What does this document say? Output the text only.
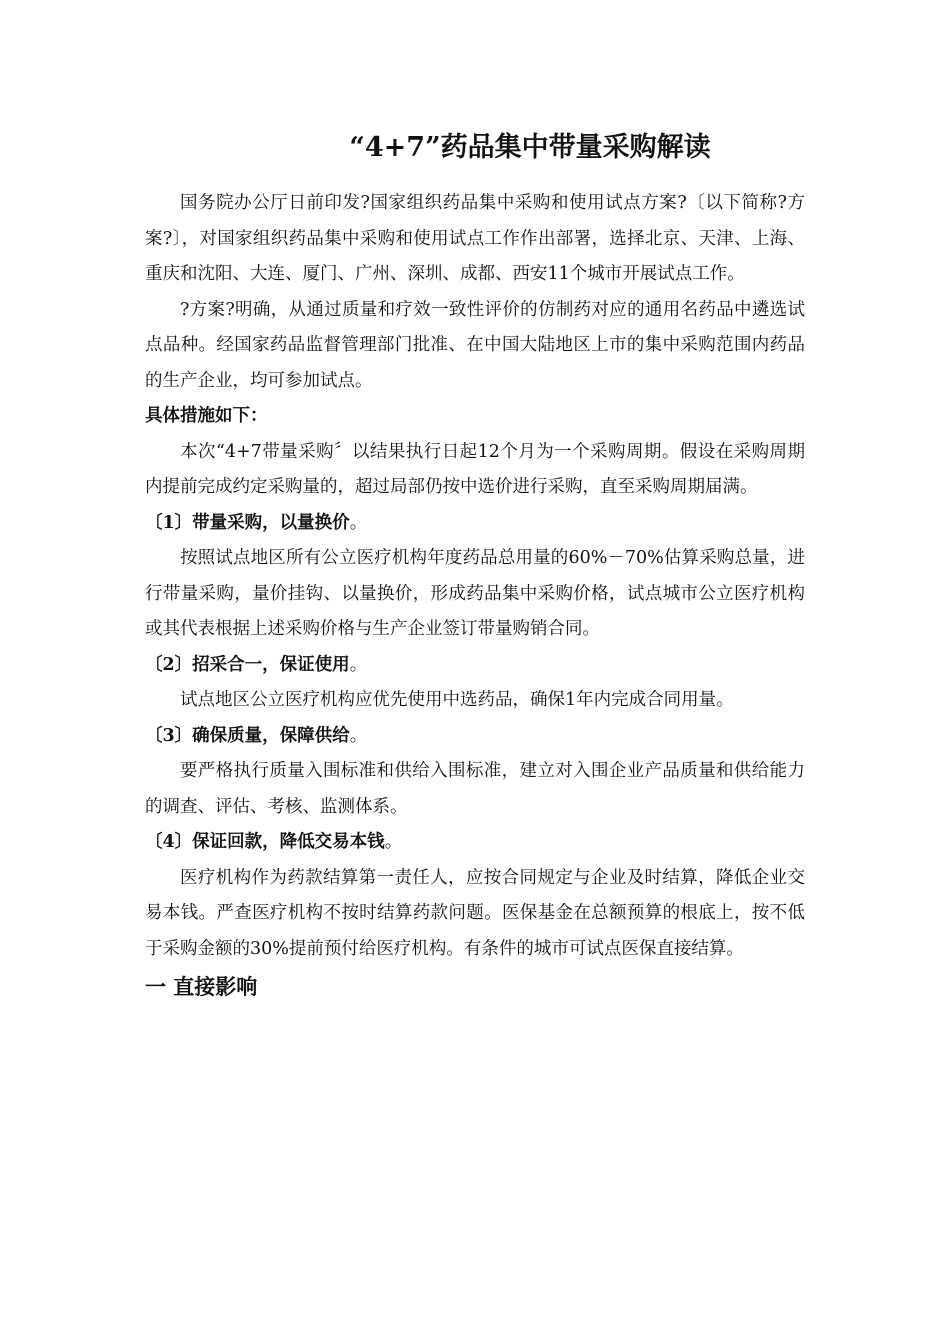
“4+7”药品集中带量采购解读

国务院办公厅日前印发?国家组织药品集中采购和使用试点方案?〔以下简称?方案?〕，对国家组织药品集中采购和使用试点工作作出部署，选择北京、天津、上海、重庆和沈阳、大连、厦门、广州、深圳、成都、西安11个城市开展试点工作。

?方案?明确，从通过质量和疗效一致性评价的仿制药对应的通用名药品中遴选试点品种。经国家药品监督管理部门批准、在中国大陆地区上市的集中采购范围内药品的生产企业，均可参加试点。

具体措施如下：

本次“4+7带量采购〞以结果执行日起12个月为一个采购周期。假设在采购周期内提前完成约定采购量的，超过局部仍按中选价进行采购，直至采购周期届满。

〔1〕带量采购，以量换价。

按照试点地区所有公立医疗机构年度药品总用量的60%－70%估算采购总量，进行带量采购，量价挂钩、以量换价，形成药品集中采购价格，试点城市公立医疗机构或其代表根据上述采购价格与生产企业签订带量购销合同。

〔2〕招采合一，保证使用。

试点地区公立医疗机构应优先使用中选药品，确保1年内完成合同用量。

〔3〕确保质量，保障供给。

要严格执行质量入围标准和供给入围标准，建立对入围企业产品质量和供给能力的调查、评估、考核、监测体系。

〔4〕保证回款，降低交易本钱。

医疗机构作为药款结算第一责任人，应按合同规定与企业及时结算，降低企业交易本钱。严查医疗机构不按时结算药款问题。医保基金在总额预算的根底上，按不低于采购金额的30%提前预付给医疗机构。有条件的城市可试点医保直接结算。

一 直接影响
